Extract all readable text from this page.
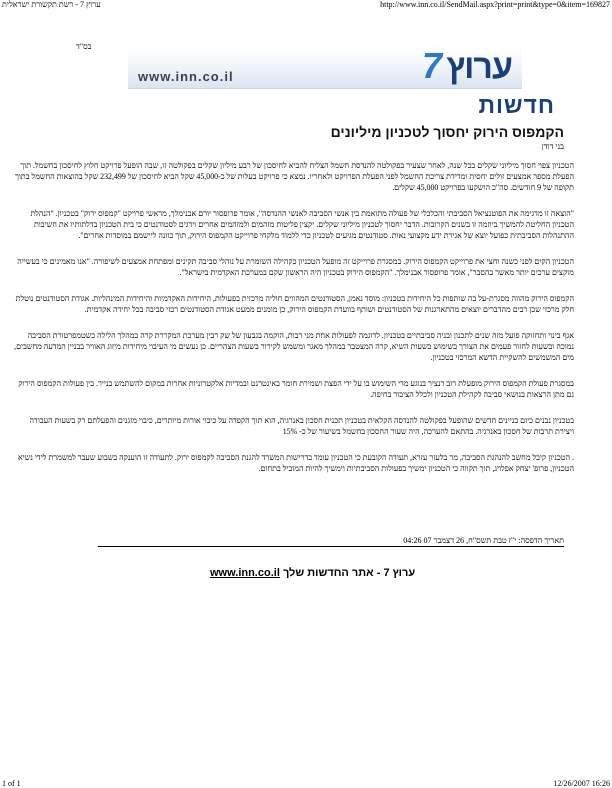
ערוץ 7 - רשת תקשורת ישראלית	http://www.inn.co.il/SendMail.aspx?print=print&type=0&item=169827
בס"ד
www.inn.co.il	7 ערוץ
חדשות
הקמפוס הירוק יחסוך לטכניון מיליונים
בני דודן

הטכניון צפוי חסוך מיליוני שקלים בכל שנה, לאחר שצעיר בפקולטה להנדסת חשמל הצליח להביא לחיסכון של רבע מיליון שקלים בפקולטה זו, שבה הופעל פרויקט חלוץ לחיסכון בחשמל. תוך הפעלת מספר אמצעים זולים יחסית ומדידת צריכת החשמל לפני הפעלת הפרויקט ולאחריו. נמצא כי פרויקט בעלות של כ-45,000 שקל הביא לחיסכון של 232,499 שקל בהוצאות החשמל בתוך תקופה של 9 חודשים. סה"כ הושקעו בפרויקט 45,000 שקלים.

"הוצאה זו מדגימה את הפוטנציאל הסביבתי והכלכלי של פעולה מתואמת בין אנשי הסביבה לאנשי ההנדסה", אומר פרופסור יורם אבנימלך, מראשי פרויקט "קמפוס ירוק" בטכניון. "הנהלת הטכניון החליטה להמשיך ביוזמה זו בשנים הקרובות. הדבר יחסוך לטכניון מיליוני שקלים. יקצין פליטות מזהמים ולמזהמים אחרים וידגים לסטודנטים כי בית הטכניון בדלתותיו את חשיבות ההתנהלות הסביבתית כפועל יוצא של אגירת ידע מקצועי נאות. סטודנטים מגיעים לטכניון כדי ללמוד מלקחי פרוייקט הקמפוס הירוק, תוך כוונה ליישמם במוסדות אחרים".

הטכניון הקים לפני כשנה וחצי את פרוייקט הקמפוס הירוק. במסגרת פרוייקט זה מופעל הטכניון כקהילה השומרת על נוהלי סביבה תקינים ומפתחת אמצעים לשיפורה. "אנו מאמינים כי בעשייה מוקצים ערכים יותר מאשר בהסבר", אומר פרופסור אבנימלך. "הקמפוס הירוק בטכניון היה הראשון שקם במערכת האקדמית בישראל".

הקמפוס הירוק מהווה מסגרת-על בה שותפות כל היחידות בטכניון: מוסד נאמן, הסטודנטים המהווים חוליה מרכזית בפעולות, היחידות האקדמיות והיחידות המינהליות. אגודת הסטודנטים נוטלת חלק מרכזי שכן רבים מהדברים יוצאים מהתארגנות של הסטודנטים ושותף בוועדת הקמפוס הירוק, כן מומנים ממעט אגודת הסטודנטים רכזי סביבה בכל יחידה אקדמית.

אגף בינוי ותחזוקה פועל מזה שנים לתכנון ובניה סביבתיים בטכניון. לדוגמה לפעולות אחת מני רבות, הוקמה בגבעון של שק רבין מערכת המקררת קרה במהלך הלילה כשטמפרטורת הסביבה נמוכה ובשעות לחזור פעמים את הצורך בשימוש בשעות השיא, קרה המצטבר במהלך מאגר ומשמש לקירור בשעות הצהריים. כן נעשים מי העיבוי מיחידות מיזוג האוויר בבניין המדעה מחשבים, מים המשמשים להשקיית הדשא המרכזי בטכניון.

במסגרת פעולת הקמפוס הירוק מופעלת רוב רנציר בנוגע מדי השימוש בו על ידי הפצת ושמירת חומר באינטרנט ובמדיות אלקטרוניות אחרות במקום להשתמש בנייר. בין פעולות הקמפוס הירוק גם מתן הרצאות בנושאי סביבה לקהילת הטכניון ולכלל הציבור בחיפה.

בטכניון נבנים כיום בניינים חדשים שהופעל בפקולטה להנדסה הקלאית בטכניון תכנית חסכון באנרגיה, הוא תוך הקפדה על כיבוי אורות מיותרים, כיבוי מזגנים והפעלתם רק בשעות העבודה ויצירת תרבות של חסכון באנרגיה. בהתאם להערכה, היה שעור החסכון בחשמל בשיעור של כ- 15%

. הטכניון קיבל מחשב להנהגת הסביבה, מר בלעזר עזרא, תעודה הקובעת כי הטכניון עומד בדרישות המשרד להגנת הסביבה לקמפוס ירוק. לתעודה זו הוענקה בשבוע שעבר למשמרת לידי נשיא הטכניון, פרופ' יצחק אפלויג, תוך תקווה כי הטכניון ימשיך בפעולות הסביבתיות וימשיך להיות המוביל בתחום.

תאריך הדפסה: י"ז טבת תשס"ח, 26 דצמבר 07 04:26
ערוץ 7 - אתר החדשות שלך www.inn.co.il
1 of 1	12/26/2007 16:26
